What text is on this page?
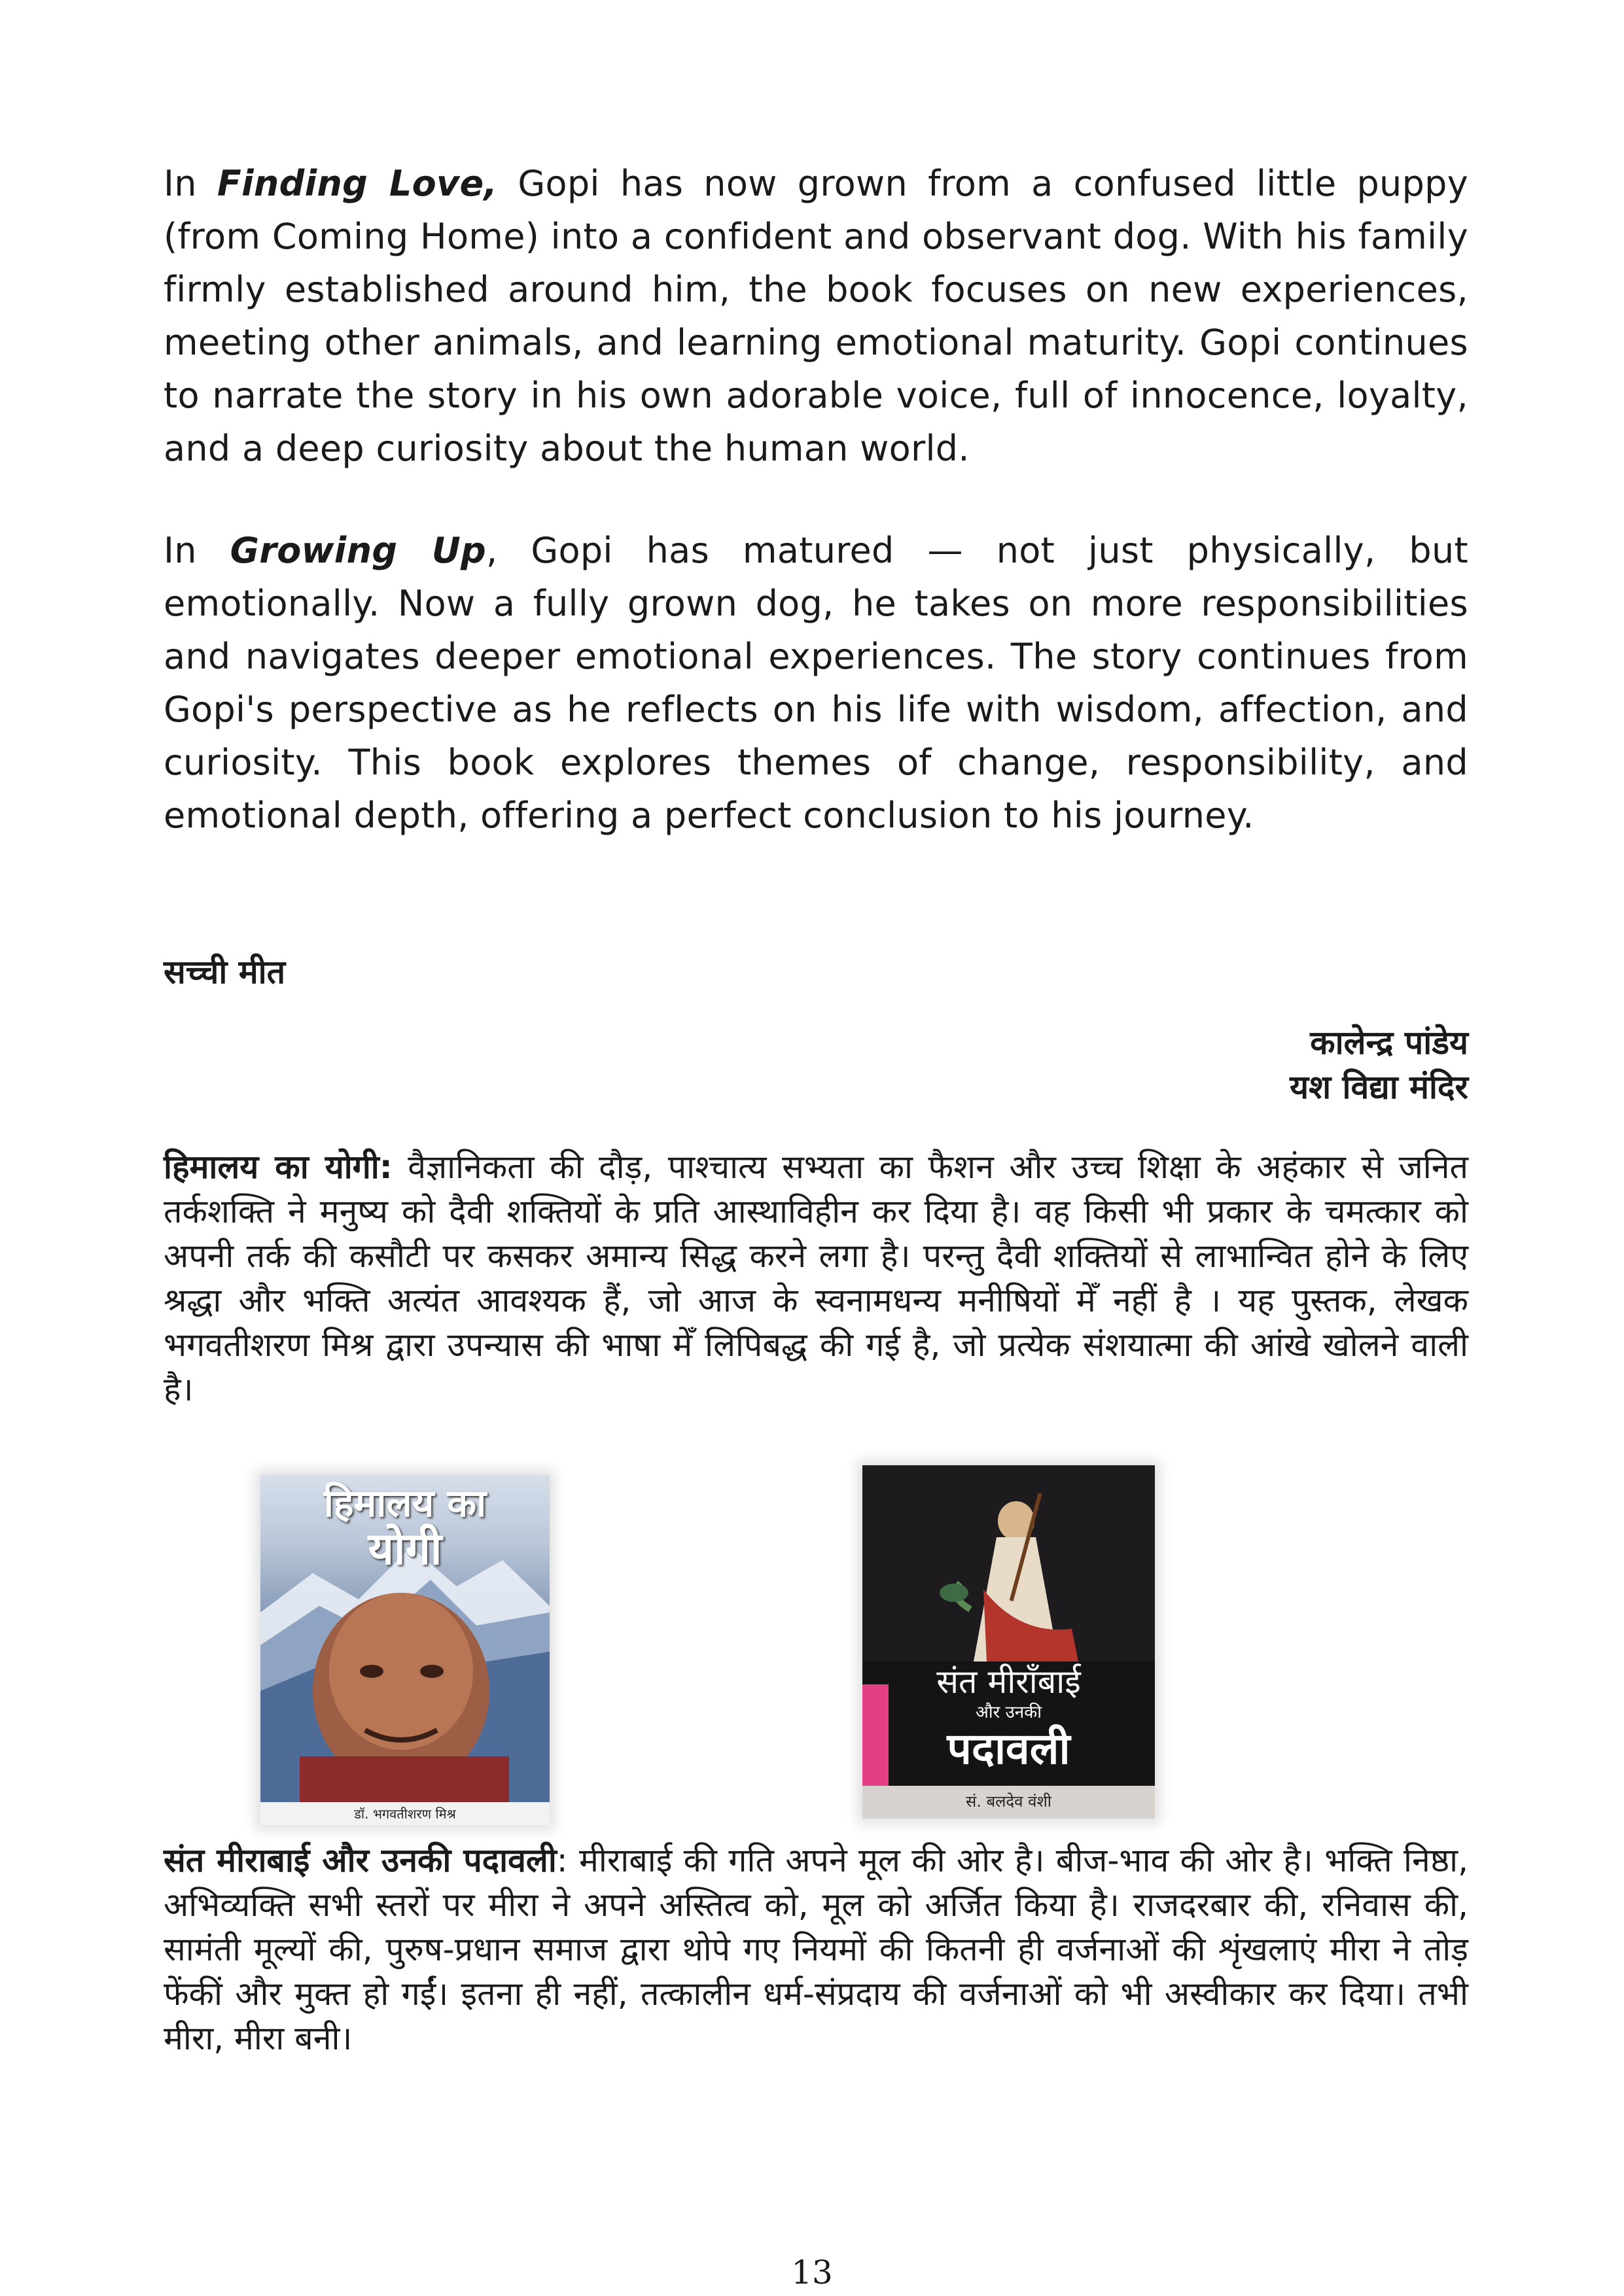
In Finding Love, Gopi has now grown from a confused little puppy (from Coming Home) into a confident and observant dog. With his family firmly established around him, the book focuses on new experiences, meeting other animals, and learning emotional maturity. Gopi continues to narrate the story in his own adorable voice, full of innocence, loyalty, and a deep curiosity about the human world.

In Growing Up, Gopi has matured — not just physically, but emotionally. Now a fully grown dog, he takes on more responsibilities and navigates deeper emotional experiences. The story continues from Gopi's perspective as he reflects on his life with wisdom, affection, and curiosity. This book explores themes of change, responsibility, and emotional depth, offering a perfect conclusion to his journey.

सच्ची मीत
कालेन्द्र पांडेय
यश विद्या मंदिर

हिमालय का योगी: वैज्ञानिकता की दौड़, पाश्चात्य सभ्यता का फैशन और उच्च शिक्षा के अहंकार से जनित तर्कशक्ति ने मनुष्य को दैवी शक्तियों के प्रति आस्थाविहीन कर दिया है। वह किसी भी प्रकार के चमत्कार को अपनी तर्क की कसौटी पर कसकर अमान्य सिद्ध करने लगा है। परन्तु दैवी शक्तियों से लाभान्वित होने के लिए श्रद्धा और भक्ति अत्यंत आवश्यक हैं, जो आज के स्वनामधन्य मनीषियों मेँ नहीं है । यह पुस्तक, लेखक भगवतीशरण मिश्र द्वारा उपन्यास की भाषा मेँ लिपिबद्ध की गई है, जो प्रत्येक संशयात्मा की आंखे खोलने वाली है।

हिमालय का
योगी
डॉ. भगवतीशरण मिश्र
संत मीराँबाई
और उनकी
पदावली
सं. बलदेव वंशी

संत मीराबाई और उनकी पदावली: मीराबाई की गति अपने मूल की ओर है। बीज-भाव की ओर है। भक्ति निष्ठा, अभिव्यक्ति सभी स्तरों पर मीरा ने अपने अस्तित्व को, मूल को अर्जित किया है। राजदरबार की, रनिवास की, सामंती मूल्यों की, पुरुष-प्रधान समाज द्वारा थोपे गए नियमों की कितनी ही वर्जनाओं की शृंखलाएं मीरा ने तोड़ फेंकीं और मुक्त हो गईं। इतना ही नहीं, तत्कालीन धर्म-संप्रदाय की वर्जनाओं को भी अस्वीकार कर दिया। तभी मीरा, मीरा बनी।

13
